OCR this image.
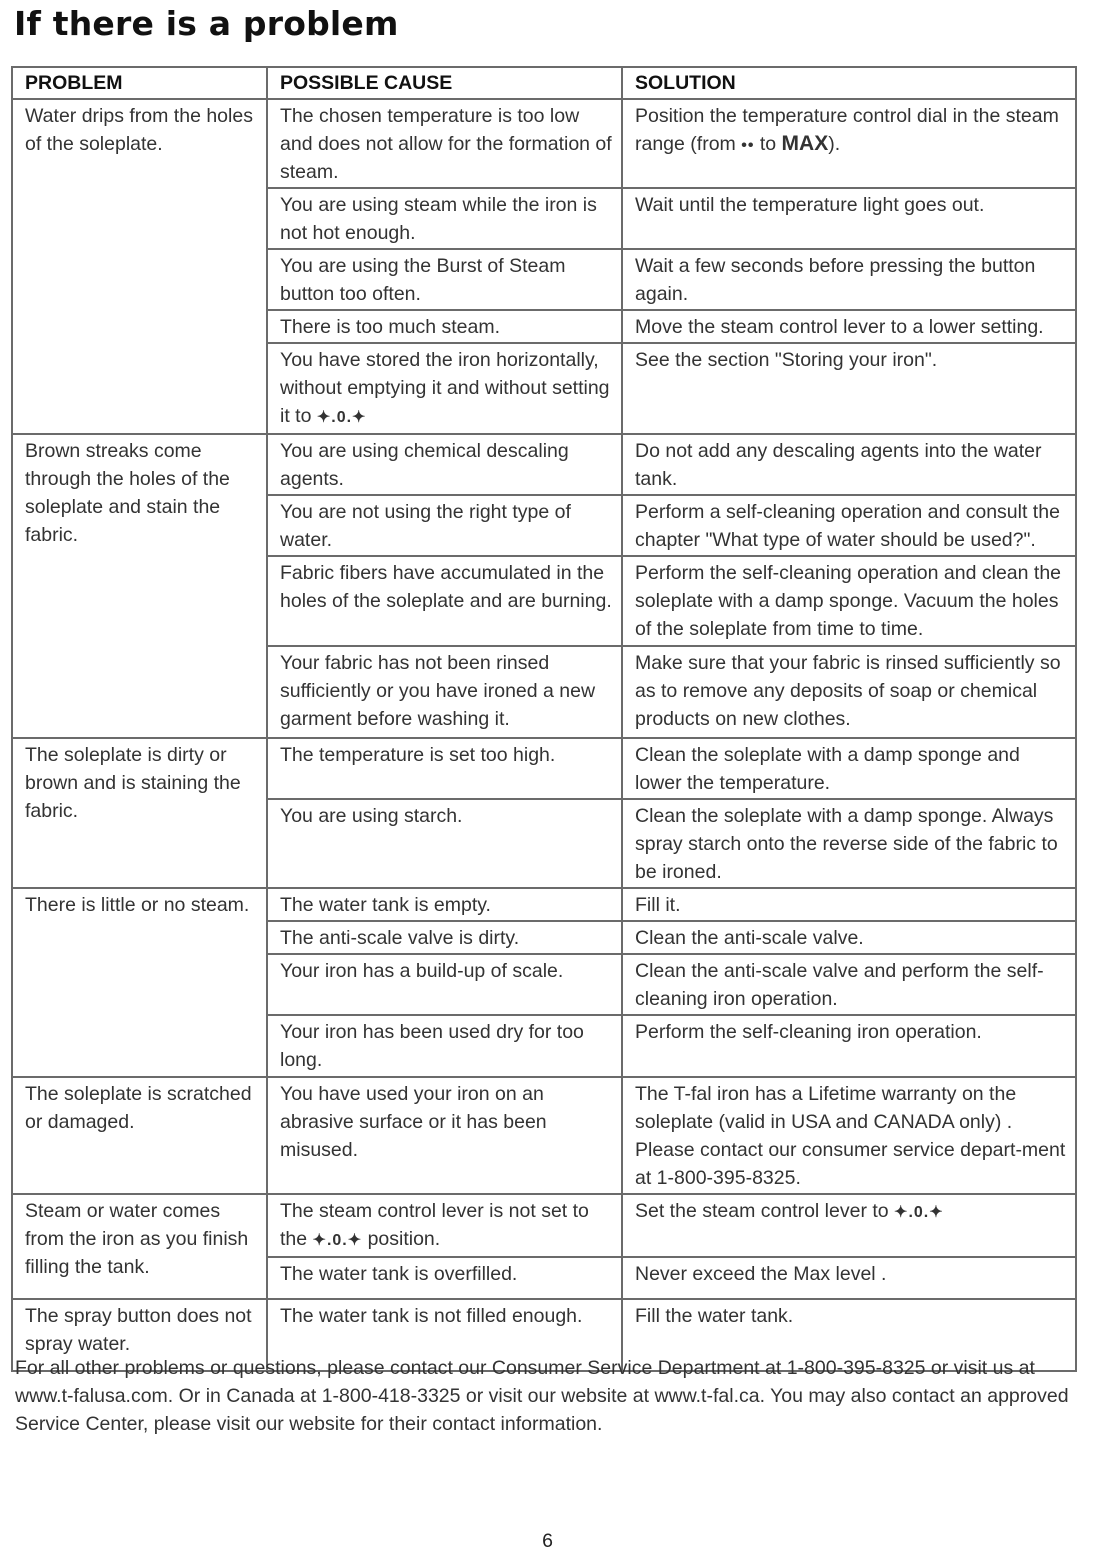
If there is a problem
PROBLEM	POSSIBLE CAUSE	SOLUTION
Water drips from the holes of the soleplate.	The chosen temperature is too low and does not allow for the formation of steam.	Position the temperature control dial in the steam range (from •• to MAX).
	You are using steam while the iron is not hot enough.	Wait until the temperature light goes out.
	You are using the Burst of Steam button too often.	Wait a few seconds before pressing the button again.
	There is too much steam.	Move the steam control lever to a lower setting.
	You have stored the iron horizontally, without emptying it and without setting it to ✦.0.✦	See the section "Storing your iron".
Brown streaks come through the holes of the soleplate and stain the fabric.	You are using chemical descaling agents.	Do not add any descaling agents into the water tank.
	You are not using the right type of water.	Perform a self-cleaning operation and consult the chapter "What type of water should be used?".
	Fabric fibers have accumulated in the holes of the soleplate and are burning.	Perform the self-cleaning operation and clean the soleplate with a damp sponge. Vacuum the holes of the soleplate from time to time.
	Your fabric has not been rinsed sufficiently or you have ironed a new garment before washing it.	Make sure that your fabric is rinsed sufficiently so as to remove any deposits of soap or chemical products on new clothes.
The soleplate is dirty or brown and is staining the fabric.	The temperature is set too high.	Clean the soleplate with a damp sponge and lower the temperature.
	You are using starch.	Clean the soleplate with a damp sponge. Always spray starch onto the reverse side of the fabric to be ironed.
There is little or no steam.	The water tank is empty.	Fill it.
	The anti-scale valve is dirty.	Clean the anti-scale valve.
	Your iron has a build-up of scale.	Clean the anti-scale valve and perform the self-cleaning iron operation.
	Your iron has been used dry for too long.	Perform the self-cleaning iron operation.
The soleplate is scratched or damaged.	You have used your iron on an abrasive surface or it has been misused.	The T-fal iron has a Lifetime warranty on the soleplate (valid in USA and CANADA only) . Please contact our consumer service depart-ment at 1-800-395-8325.
Steam or water comes from the iron as you finish filling the tank.	The steam control lever is not set to the ✦.0.✦ position.	Set the steam control lever to ✦.0.✦
	The water tank is overfilled.	Never exceed the Max level .
The spray button does not spray water.	The water tank is not filled enough.	Fill the water tank.

For all other problems or questions, please contact our Consumer Service Department at 1-800-395-8325 or visit us at www.t-falusa.com. Or in Canada at 1-800-418-3325 or visit our website at www.t-fal.ca. You may also contact an approved Service Center, please visit our website for their contact information.

6
